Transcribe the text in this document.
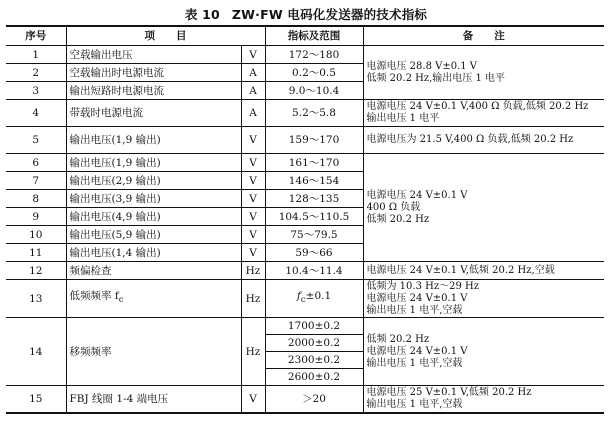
表 10 ZW·FW 电码化发送器的技术指标
序号	项　　目		指标及范围	备　　注
1	空载输出电压	V	172～180	电源电压 28.8 V±0.1 V
低频 20.2 Hz,输出电压 1 电平

2	空载输出时电源电流	A	0.2～0.5	
3	输出短路时电源电流	A	9.0～10.4	
4	带载时电源电流	A	5.2～5.8	电源电压 24 V±0.1 V,400 Ω 负载,低频 20.2 Hz
输出电压 1 电平

5	输出电压(1,9 输出)	V	159～170	电源电压为 21.5 V,400 Ω 负载,低频 20.2 Hz

6	输出电压(1,9 输出)	V	161～170	电源电压 24 V±0.1 V
400 Ω 负载
低频 20.2 Hz

7	输出电压(2,9 输出)	V	146～154	
8	输出电压(3,9 输出)	V	128～135	
9	输出电压(4,9 输出)	V	104.5～110.5	
10	输出电压(5,9 输出)	V	75～79.5	
11	输出电压(1,4 输出)	V	59～66	
12	频偏检查	Hz	10.4～11.4	电源电压 24 V±0.1 V,低频 20.2 Hz,空载

13	低频频率 $f_c$	Hz	$f_c\pm 0.1$	低频为 10.3 Hz～29 Hz
电源电压 24 V±0.1 V
输出电压 1 电平,空载

14	移频频率	Hz	1700±0.2	低频 20.2 Hz
电源电压 24 V±0.1 V
输出电压 1 电平,空载

			2000±0.2	
			2300±0.2	
			2600±0.2	
15	FBJ 线圈 1-4 端电压	V	＞20	电源电压 25 V±0.1 V,低频 20.2 Hz
输出电压 1 电平,空载
